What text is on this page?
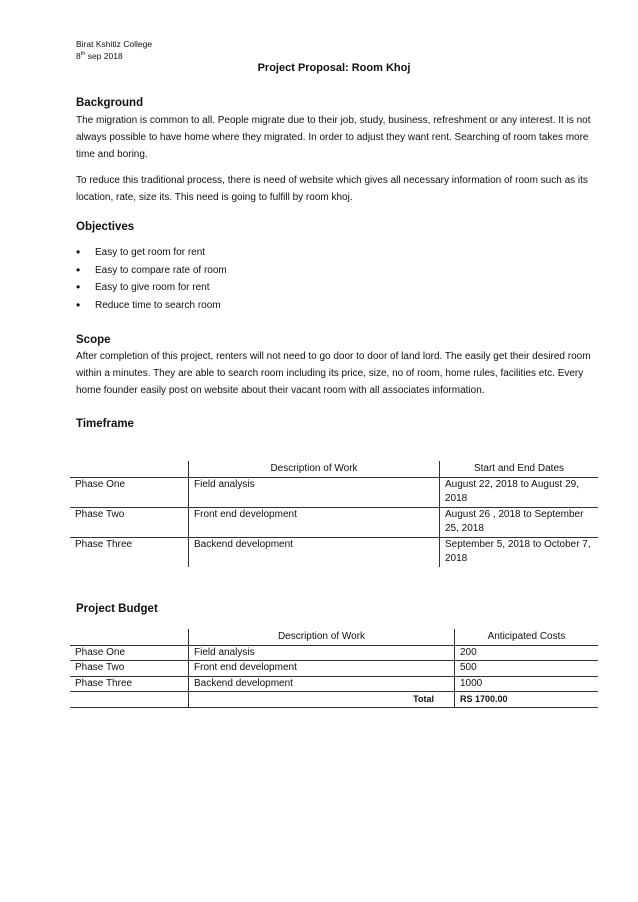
Birat Kshitiz College
8th sep 2018
Project Proposal: Room Khoj
Background

The migration is common to all. People migrate due to their job, study, business, refreshment or any interest. It is not always possible to have home where they migrated. In order to adjust they want rent. Searching of room takes more time and boring.

To reduce this traditional process, there is need of website which gives all necessary information of room such as its location, rate, size its. This need is going to fulfill by room khoj.

Objectives
• Easy to get room for rent
• Easy to compare rate of room
• Easy to give room for rent
• Reduce time to search room
Scope

After completion of this project, renters will not need to go door to door of land lord. The easily get their desired room within a minutes. They are able to search room including its price, size, no of room, home rules, facilities etc. Every home founder easily post on website about their vacant room with all associates information.

Timeframe
	Description of Work	Start and End Dates
Phase One	Field analysis	August 22, 2018 to August 29, 2018
Phase Two	Front end development	August 26 , 2018 to September 25, 2018
Phase Three	Backend development	September 5, 2018 to October 7, 2018
Project Budget
	Description of Work	Anticipated Costs
Phase One	Field analysis	200
Phase Two	Front end development	500
Phase Three	Backend development	1000
	Total	RS 1700.00
